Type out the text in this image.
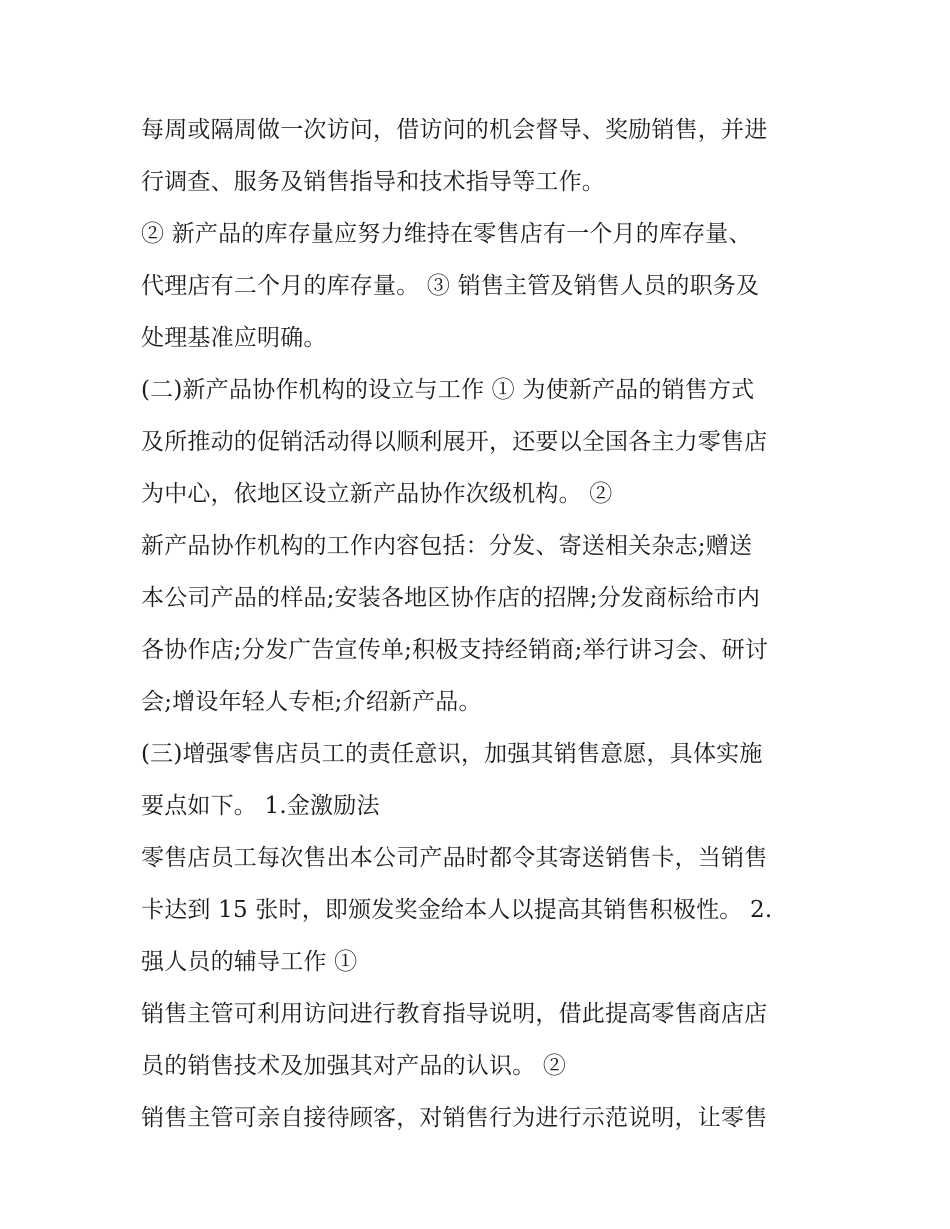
每周或隔周做一次访问，借访问的机会督导、奖励销售，并进
行调查、服务及销售指导和技术指导等工作。
② 新产品的库存量应努力维持在零售店有一个月的库存量、
代理店有二个月的库存量。 ③ 销售主管及销售人员的职务及
处理基准应明确。
(二)新产品协作机构的设立与工作 ① 为使新产品的销售方式
及所推动的促销活动得以顺利展开，还要以全国各主力零售店
为中心，依地区设立新产品协作次级机构。 ②
新产品协作机构的工作内容包括：分发、寄送相关杂志;赠送
本公司产品的样品;安装各地区协作店的招牌;分发商标给市内
各协作店;分发广告宣传单;积极支持经销商;举行讲习会、研讨
会;增设年轻人专柜;介绍新产品。
(三)增强零售店员工的责任意识，加强其销售意愿，具体实施
要点如下。 1.金激励法
零售店员工每次售出本公司产品时都令其寄送销售卡，当销售
卡达到 15 张时，即颁发奖金给本人以提高其销售积极性。 2.
强人员的辅导工作 ①
销售主管可利用访问进行教育指导说明，借此提高零售商店店
员的销售技术及加强其对产品的认识。 ②
销售主管可亲自接待顾客，对销售行为进行示范说明，让零售
